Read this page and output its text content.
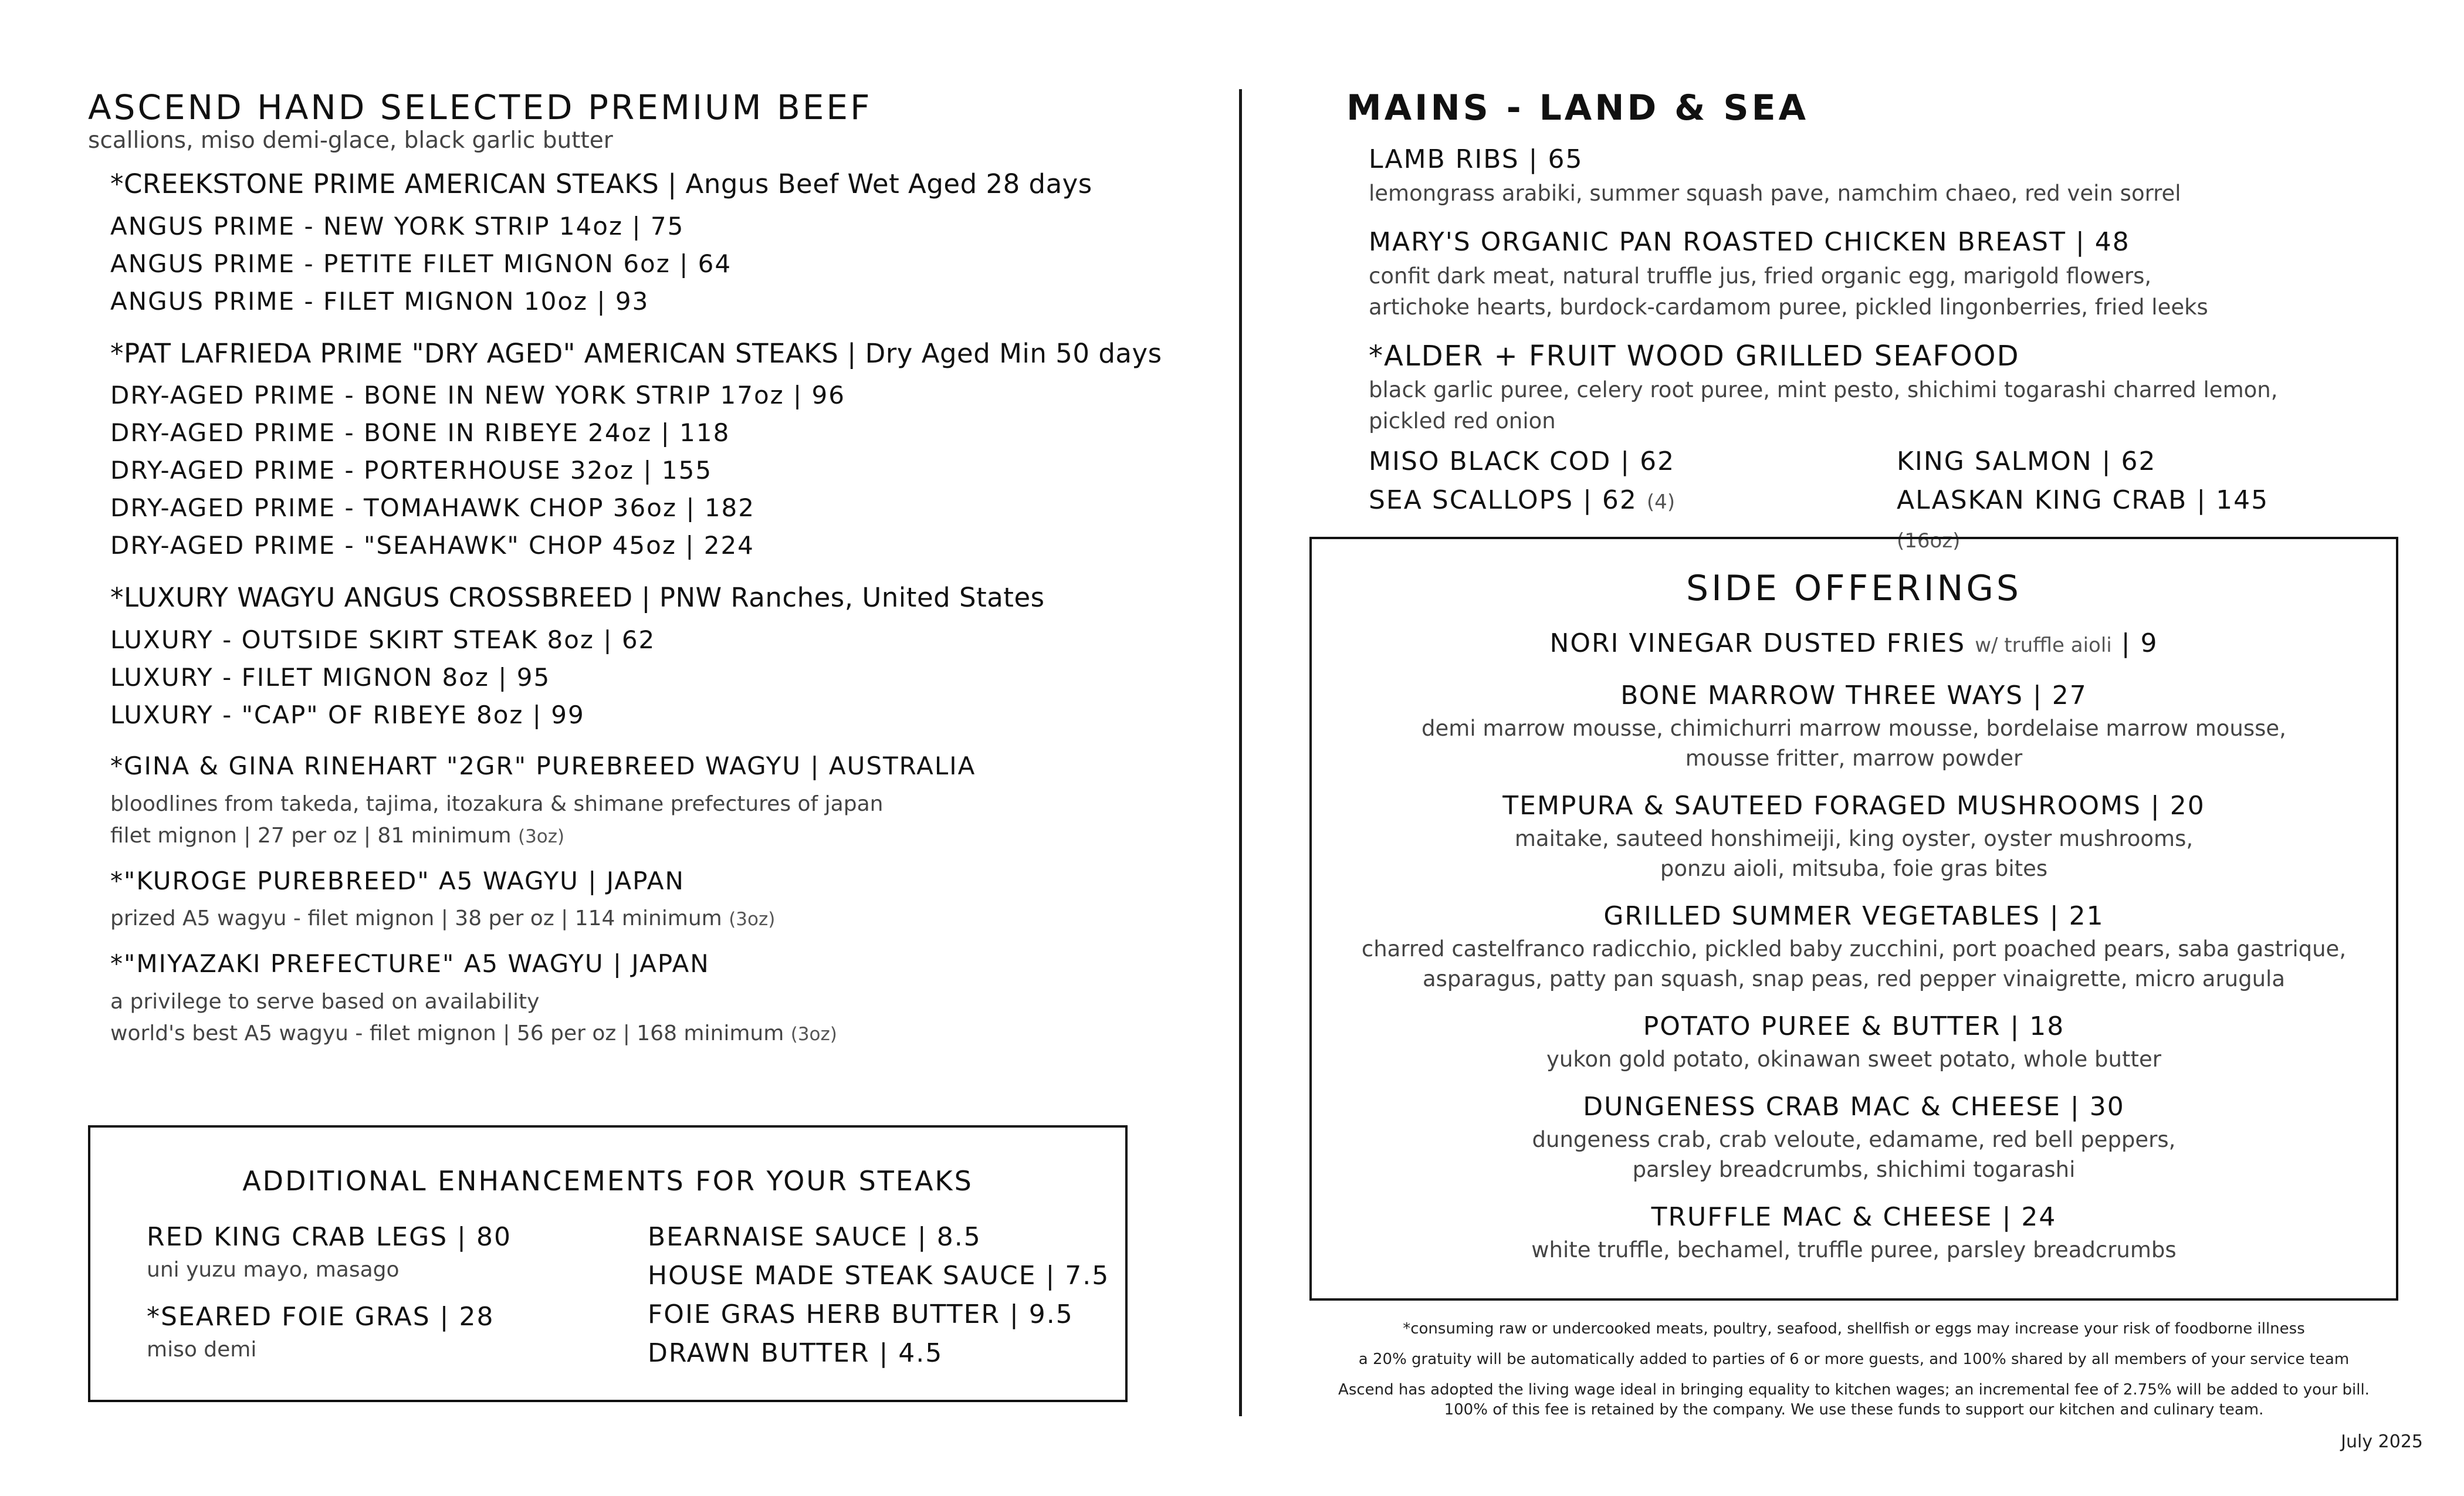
ASCEND HAND SELECTED PREMIUM BEEF

scallions, miso demi-glace, black garlic butter

*CREEKSTONE PRIME AMERICAN STEAKS | Angus Beef Wet Aged 28 days

ANGUS PRIME - NEW YORK STRIP 14oz | 75

ANGUS PRIME - PETITE FILET MIGNON 6oz | 64

ANGUS PRIME - FILET MIGNON 10oz | 93

*PAT LAFRIEDA PRIME "DRY AGED" AMERICAN STEAKS | Dry Aged Min 50 days

DRY-AGED PRIME - BONE IN NEW YORK STRIP 17oz | 96

DRY-AGED PRIME - BONE IN RIBEYE 24oz | 118

DRY-AGED PRIME - PORTERHOUSE 32oz | 155

DRY-AGED PRIME - TOMAHAWK CHOP 36oz | 182

DRY-AGED PRIME - "SEAHAWK" CHOP 45oz | 224

*LUXURY WAGYU ANGUS CROSSBREED | PNW Ranches, United States

LUXURY - OUTSIDE SKIRT STEAK 8oz | 62

LUXURY - FILET MIGNON 8oz | 95

LUXURY - "CAP" OF RIBEYE 8oz | 99

*GINA & GINA RINEHART "2GR" PUREBREED WAGYU | AUSTRALIA

bloodlines from takeda, tajima, itozakura & shimane prefectures of japan

filet mignon | 27 per oz | 81 minimum (3oz)

*"KUROGE PUREBREED" A5 WAGYU | JAPAN

prized A5 wagyu - filet mignon | 38 per oz | 114 minimum (3oz)

*"MIYAZAKI PREFECTURE" A5 WAGYU | JAPAN

a privilege to serve based on availability

world's best A5 wagyu - filet mignon | 56 per oz | 168 minimum (3oz)

ADDITIONAL ENHANCEMENTS FOR YOUR STEAKS

RED KING CRAB LEGS | 80

uni yuzu mayo, masago

*SEARED FOIE GRAS | 28

miso demi

BEARNAISE SAUCE | 8.5

HOUSE MADE STEAK SAUCE | 7.5

FOIE GRAS HERB BUTTER | 9.5

DRAWN BUTTER | 4.5

MAINS - LAND & SEA

LAMB RIBS | 65

lemongrass arabiki, summer squash pave, namchim chaeo, red vein sorrel

MARY'S ORGANIC PAN ROASTED CHICKEN BREAST | 48

confit dark meat, natural truffle jus, fried organic egg, marigold flowers,

artichoke hearts, burdock-cardamom puree, pickled lingonberries, fried leeks

*ALDER + FRUIT WOOD GRILLED SEAFOOD

black garlic puree, celery root puree, mint pesto, shichimi togarashi charred lemon,

pickled red onion

MISO BLACK COD | 62	KING SALMON | 62

SEA SCALLOPS | 62 (4)	ALASKAN KING CRAB | 145 (16oz)

SIDE OFFERINGS

NORI VINEGAR DUSTED FRIES w/ truffle aioli | 9

BONE MARROW THREE WAYS | 27

demi marrow mousse, chimichurri marrow mousse, bordelaise marrow mousse,

mousse fritter, marrow powder

TEMPURA & SAUTEED FORAGED MUSHROOMS | 20

maitake, sauteed honshimeiji, king oyster, oyster mushrooms,

ponzu aioli, mitsuba, foie gras bites

GRILLED SUMMER VEGETABLES | 21

charred castelfranco radicchio, pickled baby zucchini, port poached pears, saba gastrique,

asparagus, patty pan squash, snap peas, red pepper vinaigrette, micro arugula

POTATO PUREE & BUTTER | 18

yukon gold potato, okinawan sweet potato, whole butter

DUNGENESS CRAB MAC & CHEESE | 30

dungeness crab, crab veloute, edamame, red bell peppers,

parsley breadcrumbs, shichimi togarashi

TRUFFLE MAC & CHEESE | 24

white truffle, bechamel, truffle puree, parsley breadcrumbs

*consuming raw or undercooked meats, poultry, seafood, shellfish or eggs may increase your risk of foodborne illness

a 20% gratuity will be automatically added to parties of 6 or more guests, and 100% shared by all members of your service team

Ascend has adopted the living wage ideal in bringing equality to kitchen wages; an incremental fee of 2.75% will be added to your bill.

100% of this fee is retained by the company. We use these funds to support our kitchen and culinary team.

July 2025
